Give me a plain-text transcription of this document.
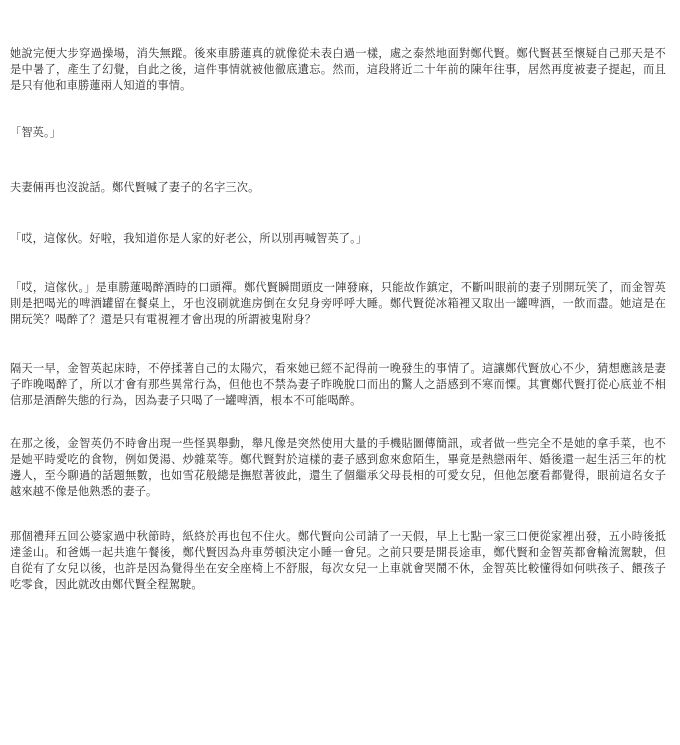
她說完便大步穿過操場，消失無蹤。後來車勝蓮真的就像從未表白過一樣，處之泰然地面對鄭代賢。鄭代賢甚至懷疑自己那天是不是中暑了，產生了幻覺，自此之後，這件事情就被他徹底遺忘。然而，這段將近二十年前的陳年往事，居然再度被妻子提起，而且是只有他和車勝蓮兩人知道的事情。

「智英。」

夫妻倆再也沒說話。鄭代賢喊了妻子的名字三次。

「哎，這傢伙。好啦，我知道你是人家的好老公，所以別再喊智英了。」

「哎，這傢伙。」是車勝蓮喝醉酒時的口頭禪。鄭代賢瞬間頭皮一陣發麻，只能故作鎮定，不斷叫眼前的妻子別開玩笑了，而金智英則是把喝光的啤酒罐留在餐桌上，牙也沒刷就進房倒在女兒身旁呼呼大睡。鄭代賢從冰箱裡又取出一罐啤酒，一飲而盡。她這是在開玩笑？喝醉了？還是只有電視裡才會出現的所謂被鬼附身？

隔天一早，金智英起床時，不停揉著自己的太陽穴，看來她已經不記得前一晚發生的事情了。這讓鄭代賢放心不少，猜想應該是妻子昨晚喝醉了，所以才會有那些異常行為，但他也不禁為妻子昨晚脫口而出的驚人之語感到不寒而慄。其實鄭代賢打從心底並不相信那是酒醉失態的行為，因為妻子只喝了一罐啤酒，根本不可能喝醉。

在那之後，金智英仍不時會出現一些怪異舉動，舉凡像是突然使用大量的手機貼圖傳簡訊，或者做一些完全不是她的拿手菜，也不是她平時愛吃的食物，例如煲湯、炒雜菜等。鄭代賢對於這樣的妻子感到愈來愈陌生，畢竟是熱戀兩年、婚後還一起生活三年的枕邊人，至今聊過的話題無數，也如雪花般總是撫慰著彼此，還生了個繼承父母長相的可愛女兒，但他怎麼看都覺得，眼前這名女子越來越不像是他熟悉的妻子。

那個禮拜五回公婆家過中秋節時，紙終於再也包不住火。鄭代賢向公司請了一天假，早上七點一家三口便從家裡出發，五小時後抵達釜山。和爸媽一起共進午餐後，鄭代賢因為舟車勞頓決定小睡一會兒。之前只要是開長途車，鄭代賢和金智英都會輪流駕駛，但自從有了女兒以後，也許是因為覺得坐在安全座椅上不舒服，每次女兒一上車就會哭鬧不休，金智英比較懂得如何哄孩子、餵孩子吃零食，因此就改由鄭代賢全程駕駛。
